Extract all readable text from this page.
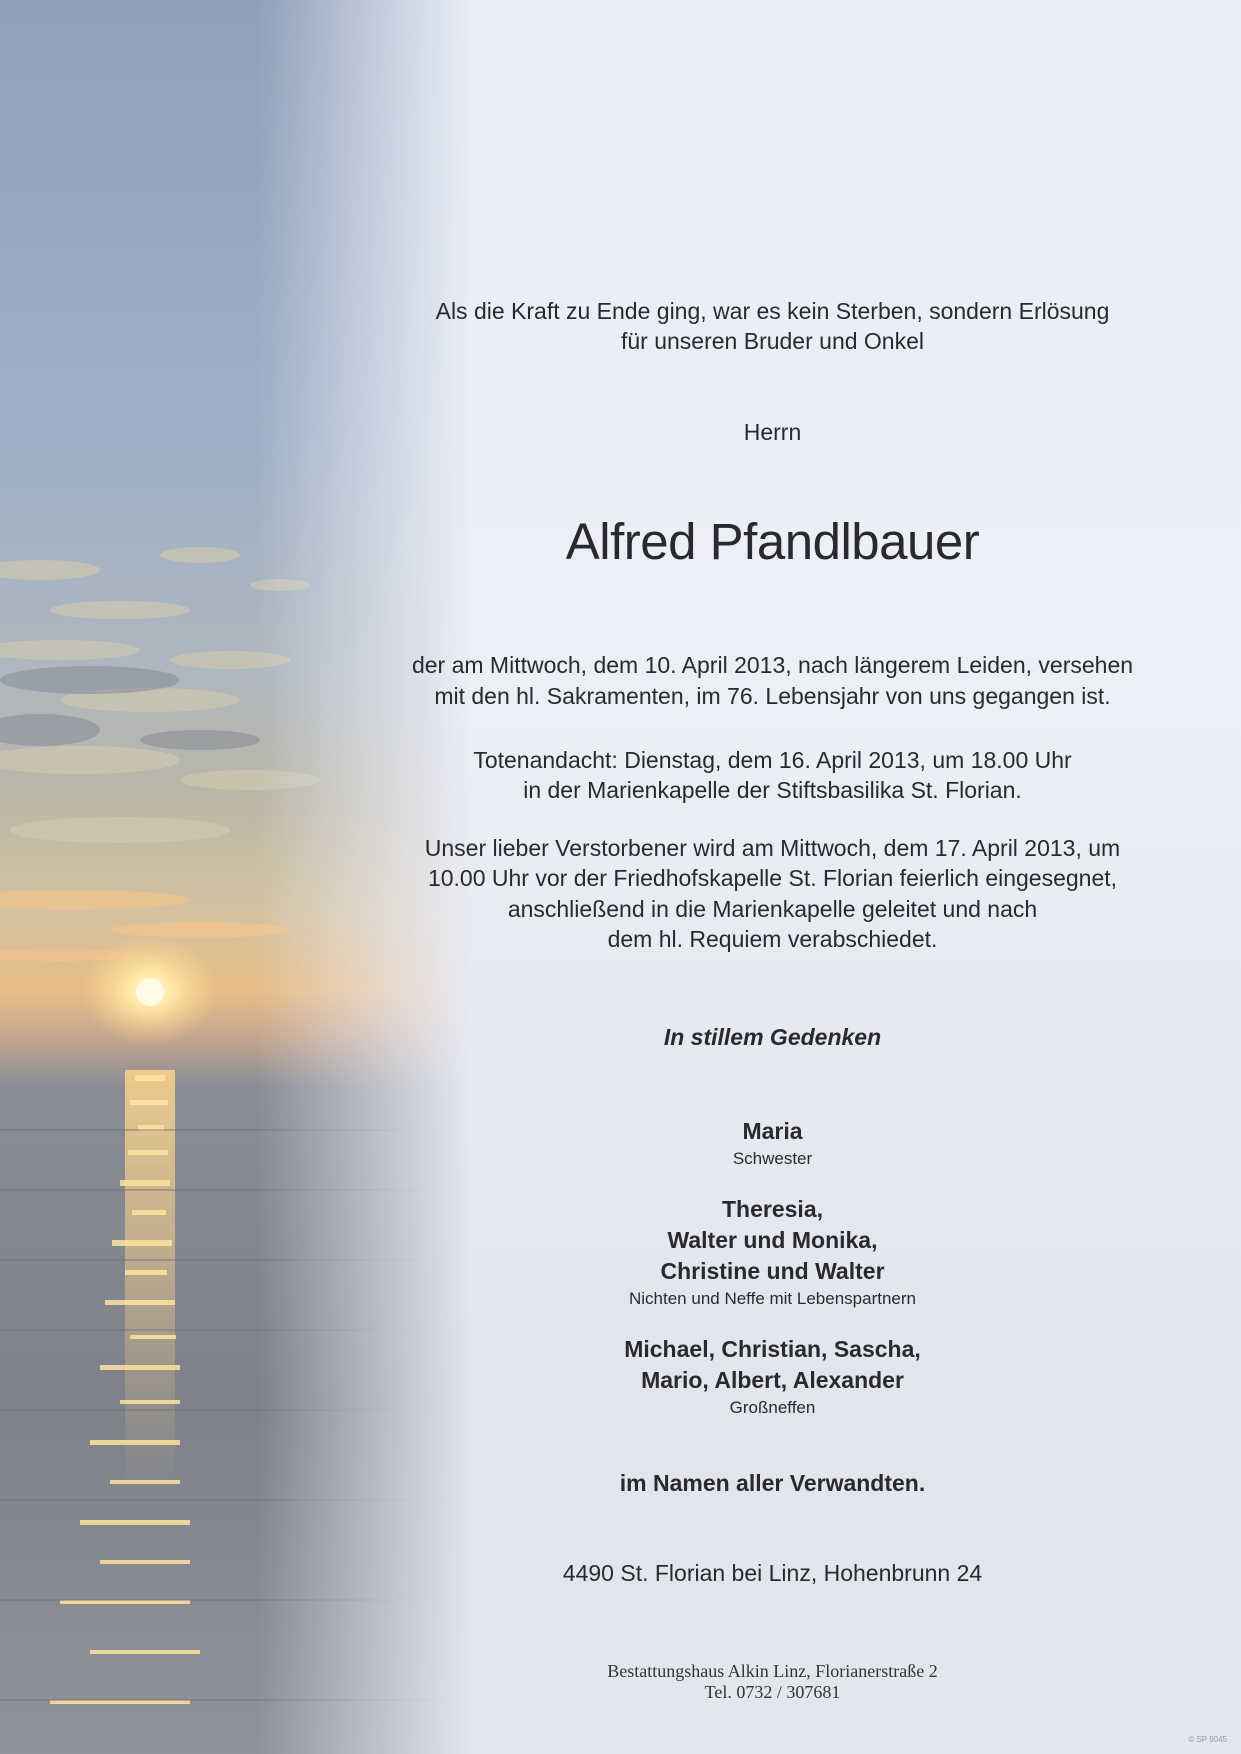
Als die Kraft zu Ende ging, war es kein Sterben, sondern Erlösung

für unseren Bruder und Onkel

Herrn

Alfred Pfandlbauer

der am Mittwoch, dem 10. April 2013, nach längerem Leiden, versehen

mit den hl. Sakramenten, im 76. Lebensjahr von uns gegangen ist.

Totenandacht: Dienstag, dem 16. April 2013, um 18.00 Uhr

in der Marienkapelle der Stiftsbasilika St. Florian.

Unser lieber Verstorbener wird am Mittwoch, dem 17. April 2013, um

10.00 Uhr vor der Friedhofskapelle St. Florian feierlich eingesegnet,

anschließend in die Marienkapelle geleitet und nach

dem hl. Requiem verabschiedet.

In stillem Gedenken

Maria

Schwester

Theresia,

Walter und Monika,

Christine und Walter

Nichten und Neffe mit Lebenspartnern

Michael, Christian, Sascha,

Mario, Albert, Alexander

Großneffen

im Namen aller Verwandten.

4490 St. Florian bei Linz, Hohenbrunn 24

Bestattungshaus Alkin Linz, Florianerstraße 2

Tel. 0732 / 307681

© SP 9045
